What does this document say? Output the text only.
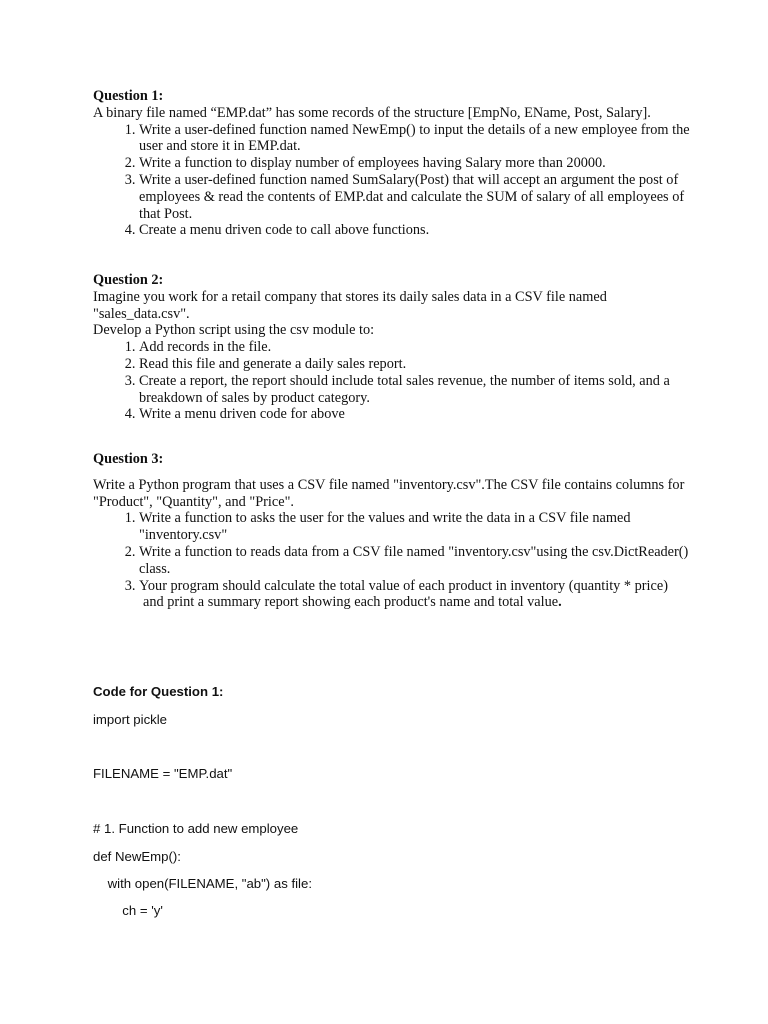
Question 1:

A binary file named “EMP.dat” has some records of the structure [EmpNo, EName, Post, Salary].

1. Write a user-defined function named NewEmp() to input the details of a new employee from the user and store it in EMP.dat.
2. Write a function to display number of employees having Salary more than 20000.
3. Write a user-defined function named SumSalary(Post) that will accept an argument the post of employees & read the contents of EMP.dat and calculate the SUM of salary of all employees of that Post.
4. Create a menu driven code to call above functions.

Question 2:

Imagine you work for a retail company that stores its daily sales data in a CSV file named "sales_data.csv".

Develop a Python script using the csv module to:

1. Add records in the file.
2. Read this file and generate a daily sales report.
3. Create a report, the report should include total sales revenue, the number of items sold, and a breakdown of sales by product category.
4. Write a menu driven code for above

Question 3:

Write a Python program that uses a CSV file named "inventory.csv".The CSV file contains columns for "Product", "Quantity", and "Price".

1. Write a function to asks the user for the values and write the data in a CSV file named "inventory.csv"
2. Write a function to reads data from a CSV file named "inventory.csv"using the csv.DictReader() class.
3. Your program should calculate the total value of each product in inventory (quantity * price)
and print a summary report showing each product's name and total value.

Code for Question 1:

import pickle

FILENAME = "EMP.dat"

# 1. Function to add new employee

def NewEmp():

with open(FILENAME, "ab") as file:

ch = 'y'
